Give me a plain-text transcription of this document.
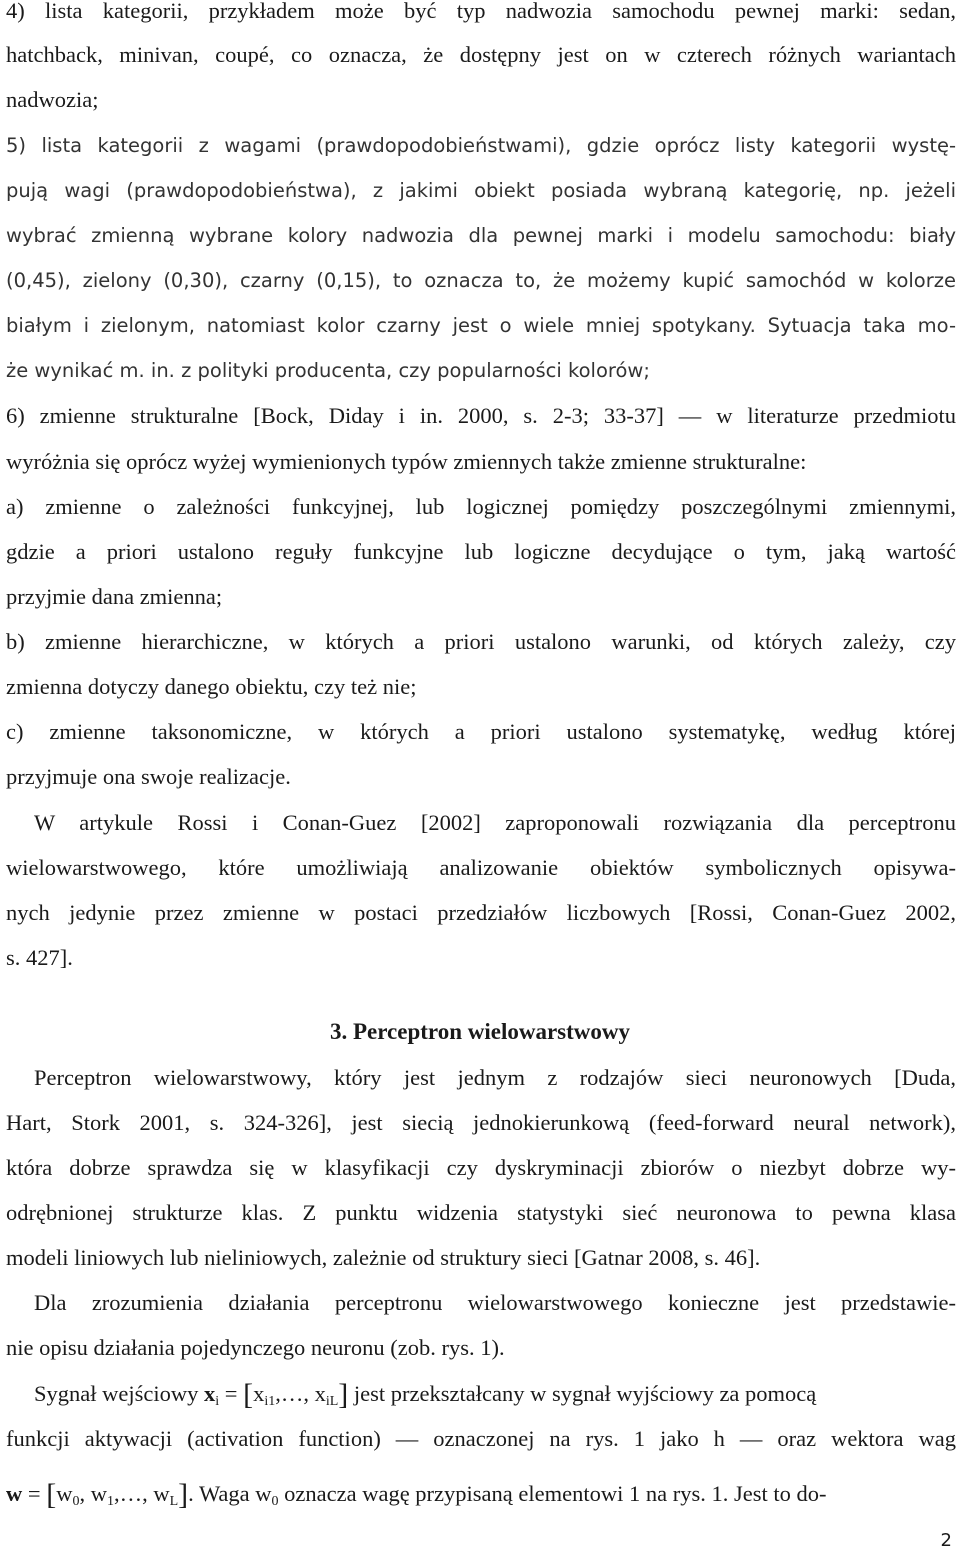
4) lista kategorii, przykładem może być typ nadwozia samochodu pewnej marki: sedan,

hatchback, minivan, coupé, co oznacza, że dostępny jest on w czterech różnych wariantach

nadwozia;

5) lista kategorii z wagami (prawdopodobieństwami), gdzie oprócz listy kategorii wystę-

pują wagi (prawdopodobieństwa), z jakimi obiekt posiada wybraną kategorię, np. jeżeli

wybrać zmienną wybrane kolory nadwozia dla pewnej marki i modelu samochodu: biały

(0,45), zielony (0,30), czarny (0,15), to oznacza to, że możemy kupić samochód w kolorze

białym i zielonym, natomiast kolor czarny jest o wiele mniej spotykany. Sytuacja taka mo-

że wynikać m. in. z polityki producenta, czy popularności kolorów;

6) zmienne strukturalne [Bock, Diday i in. 2000, s. 2-3; 33-37] — w literaturze przedmiotu

wyróżnia się oprócz wyżej wymienionych typów zmiennych także zmienne strukturalne:

a) zmienne o zależności funkcyjnej, lub logicznej pomiędzy poszczególnymi zmiennymi,

gdzie a priori ustalono reguły funkcyjne lub logiczne decydujące o tym, jaką wartość

przyjmie dana zmienna;

b) zmienne hierarchiczne, w których a priori ustalono warunki, od których zależy, czy

zmienna dotyczy danego obiektu, czy też nie;

c) zmienne taksonomiczne, w których a priori ustalono systematykę, według której

przyjmuje ona swoje realizacje.

W artykule Rossi i Conan-Guez [2002] zaproponowali rozwiązania dla perceptronu

wielowarstwowego, które umożliwiają analizowanie obiektów symbolicznych opisywa-

nych jedynie przez zmienne w postaci przedziałów liczbowych [Rossi, Conan-Guez 2002,

s. 427].

3. Perceptron wielowarstwowy

Perceptron wielowarstwowy, który jest jednym z rodzajów sieci neuronowych [Duda,

Hart, Stork 2001, s. 324-326], jest siecią jednokierunkową (feed-forward neural network),

która dobrze sprawdza się w klasyfikacji czy dyskryminacji zbiorów o niezbyt dobrze wy-

odrębnionej strukturze klas. Z punktu widzenia statystyki sieć neuronowa to pewna klasa

modeli liniowych lub nieliniowych, zależnie od struktury sieci [Gatnar 2008, s. 46].

Dla zrozumienia działania perceptronu wielowarstwowego konieczne jest przedstawie-

nie opisu działania pojedynczego neuronu (zob. rys. 1).

Sygnał wejściowy $x_i$ = [$x_{i1},\dots$, $x_{iL}$] jest przekształcany w sygnał wyjściowy za pomocą

funkcji aktywacji (activation function) — oznaczonej na rys. 1 jako h — oraz wektora wag

$w = [w_0$, $w_1,\dots$, $w_L$]. Waga $w_0$ oznacza wagę przypisaną elementowi 1 na rys. 1. Jest to do-

2
